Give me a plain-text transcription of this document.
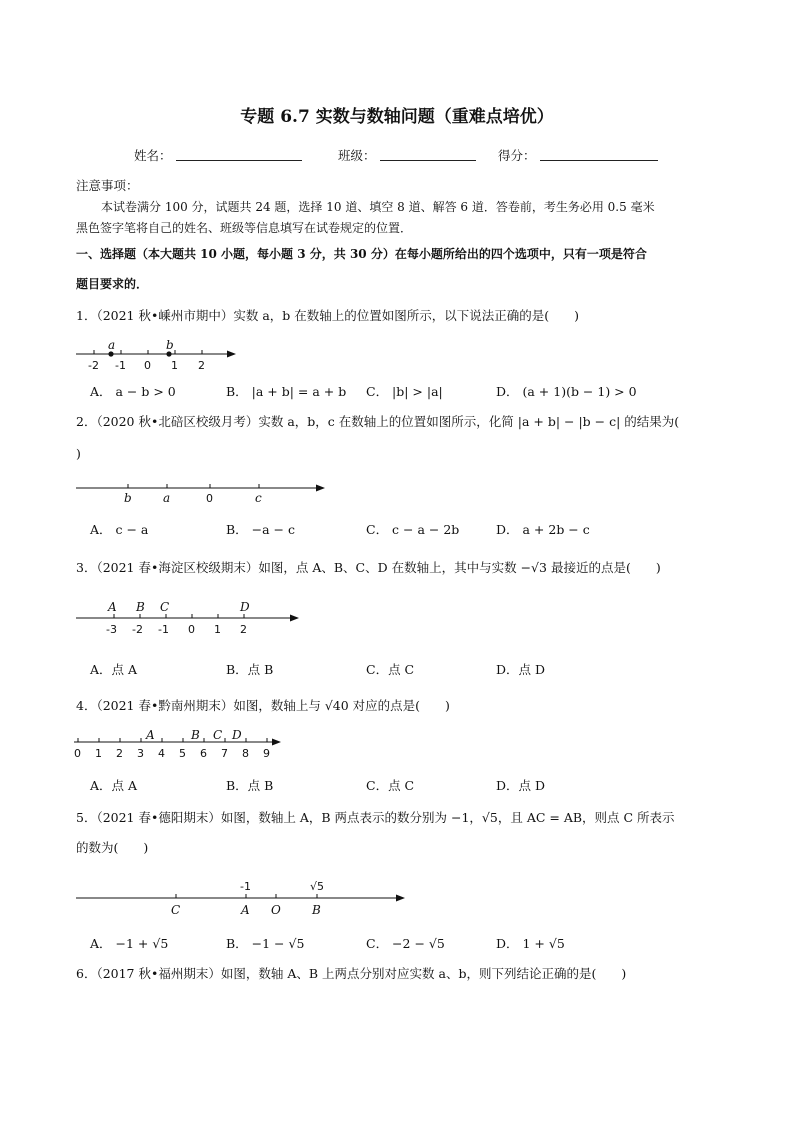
专题 6.7 实数与数轴问题（重难点培优）
姓名：	班级：	得分：
注意事项：
本试卷满分 100 分，试题共 24 题，选择 10 道、填空 8 道、解答 6 道．答卷前，考生务必用 0.5 毫米
黑色签字笔将自己的姓名、班级等信息填写在试卷规定的位置．
一、选择题（本大题共 10 小题，每小题 3 分，共 30 分）在每小题所给出的四个选项中，只有一项是符合
题目要求的．
1．（2021 秋•嵊州市期中）实数 a，b 在数轴上的位置如图所示，以下说法正确的是(　　)
a	b
-2 -1 0 1 2
A． a − b > 0	B． |a + b| = a + b C． |b| > |a|	D． (a + 1)(b − 1) > 0
2．（2020 秋•北碚区校级月考）实数 a，b，c 在数轴上的位置如图所示，化简 |a + b| − |b − c| 的结果为(
)
b	a	0	c
A． c − a	B． −a − c	C． c − a − 2b	D． a + 2b − c
3．（2021 春•海淀区校级期末）如图，点 A、B、C、D 在数轴上，其中与实数 −√3 最接近的点是(　　)
A B C	D
-3 -2 -1 0 1 2
A．点 A	B．点 B	C．点 C	D．点 D
4．（2021 春•黔南州期末）如图，数轴上与 √40 对应的点是(　　)
A	B C D
0 1 2 3 4 5 6 7 8 9
A．点 A	B．点 B	C．点 C	D．点 D
5．（2021 春•德阳期末）如图，数轴上 A，B 两点表示的数分别为 −1，√5，且 AC = AB，则点 C 所表示
的数为(　　)
-1	√5
C	A O	B
A． −1 + √5	B． −1 − √5	C． −2 − √5	D． 1 + √5
6．（2017 秋•福州期末）如图，数轴 A、B 上两点分别对应实数 a、b，则下列结论正确的是(　　)
